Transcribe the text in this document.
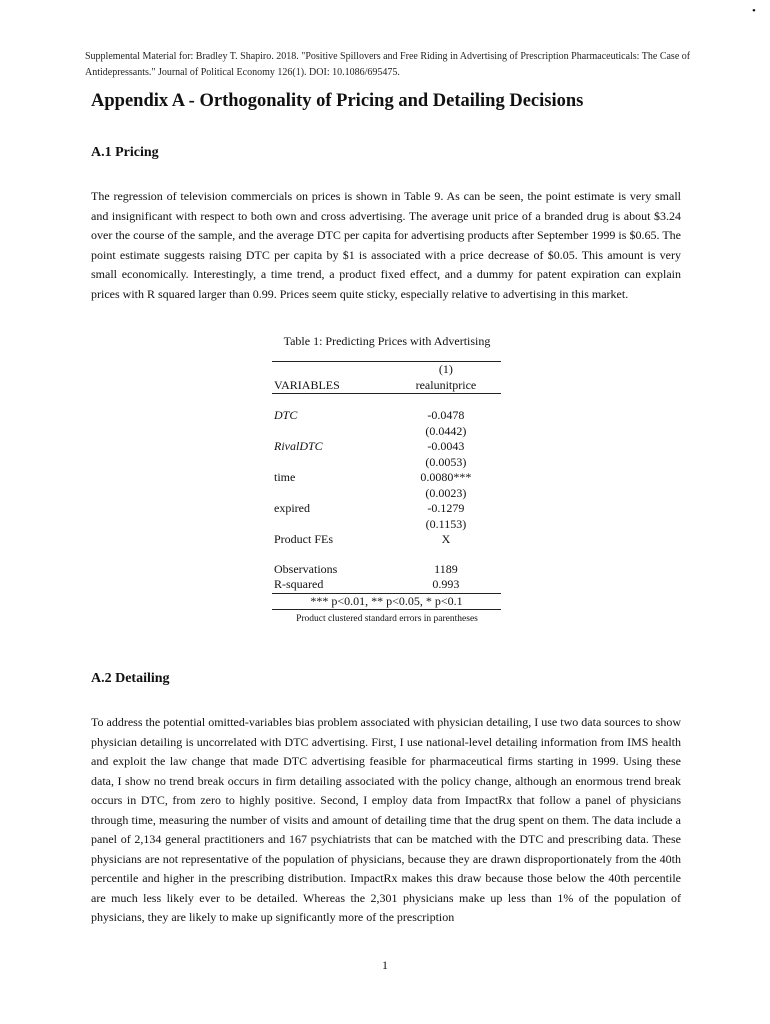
•
Supplemental Material for: Bradley T. Shapiro. 2018. "Positive Spillovers and Free Riding in Advertising of Prescription Pharmaceuticals: The Case of Antidepressants." Journal of Political Economy 126(1). DOI: 10.1086/695475.
Appendix A - Orthogonality of Pricing and Detailing Decisions
A.1 Pricing

The regression of television commercials on prices is shown in Table 9. As can be seen, the point estimate is very small and insignificant with respect to both own and cross advertising. The average unit price of a branded drug is about $3.24 over the course of the sample, and the average DTC per capita for advertising products after September 1999 is $0.65. The point estimate suggests raising DTC per capita by $1 is associated with a price decrease of $0.05. This amount is very small economically. Interestingly, a time trend, a product fixed effect, and a dummy for patent expiration can explain prices with R squared larger than 0.99. Prices seem quite sticky, especially relative to advertising in this market.

Table 1: Predicting Prices with Advertising
	(1)
VARIABLES	realunitprice

DTC	-0.0478
	(0.0442)
RivalDTC	-0.0043
	(0.0053)
time	0.0080***
	(0.0023)
expired	-0.1279
	(0.1153)
Product FEs	X

Observations	1189
R-squared	0.993
*** p<0.01, ** p<0.05, * p<0.1	
Product clustered standard errors in parentheses
A.2 Detailing

To address the potential omitted-variables bias problem associated with physician detailing, I use two data sources to show physician detailing is uncorrelated with DTC advertising. First, I use national-level detailing information from IMS health and exploit the law change that made DTC advertising feasible for pharmaceutical firms starting in 1999. Using these data, I show no trend break occurs in firm detailing associated with the policy change, although an enormous trend break occurs in DTC, from zero to highly positive. Second, I employ data from ImpactRx that follow a panel of physicians through time, measuring the number of visits and amount of detailing time that the drug spent on them. The data include a panel of 2,134 general practitioners and 167 psychiatrists that can be matched with the DTC and prescribing data. These physicians are not representative of the population of physicians, because they are drawn disproportionately from the 40th percentile and higher in the prescribing distribution. ImpactRx makes this draw because those below the 40th percentile are much less likely ever to be detailed. Whereas the 2,301 physicians make up less than 1% of the population of physicians, they are likely to make up significantly more of the prescription

1
